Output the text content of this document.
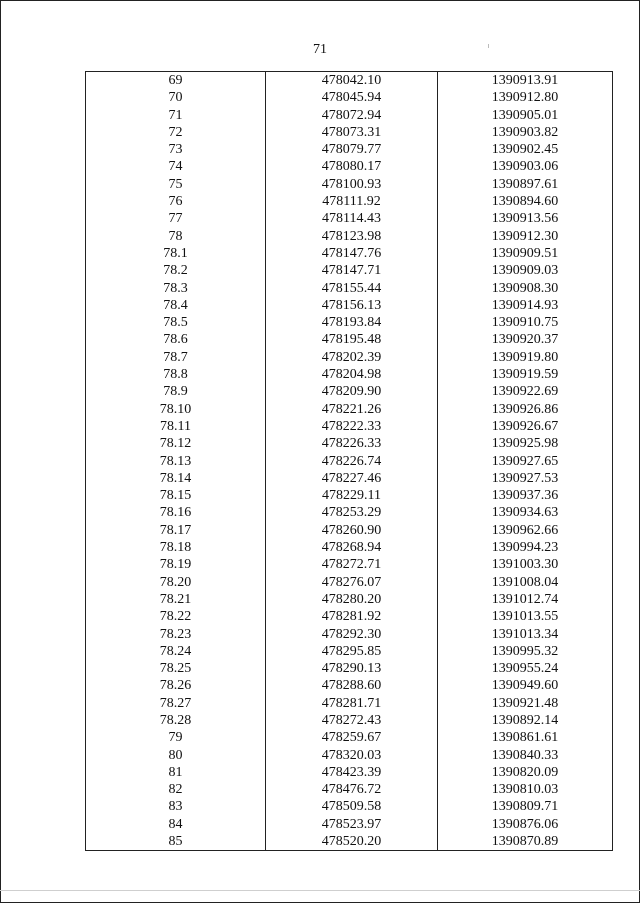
71
69	478042.10	1390913.91
70	478045.94	1390912.80
71	478072.94	1390905.01
72	478073.31	1390903.82
73	478079.77	1390902.45
74	478080.17	1390903.06
75	478100.93	1390897.61
76	478111.92	1390894.60
77	478114.43	1390913.56
78	478123.98	1390912.30
78.1	478147.76	1390909.51
78.2	478147.71	1390909.03
78.3	478155.44	1390908.30
78.4	478156.13	1390914.93
78.5	478193.84	1390910.75
78.6	478195.48	1390920.37
78.7	478202.39	1390919.80
78.8	478204.98	1390919.59
78.9	478209.90	1390922.69
78.10	478221.26	1390926.86
78.11	478222.33	1390926.67
78.12	478226.33	1390925.98
78.13	478226.74	1390927.65
78.14	478227.46	1390927.53
78.15	478229.11	1390937.36
78.16	478253.29	1390934.63
78.17	478260.90	1390962.66
78.18	478268.94	1390994.23
78.19	478272.71	1391003.30
78.20	478276.07	1391008.04
78.21	478280.20	1391012.74
78.22	478281.92	1391013.55
78.23	478292.30	1391013.34
78.24	478295.85	1390995.32
78.25	478290.13	1390955.24
78.26	478288.60	1390949.60
78.27	478281.71	1390921.48
78.28	478272.43	1390892.14
79	478259.67	1390861.61
80	478320.03	1390840.33
81	478423.39	1390820.09
82	478476.72	1390810.03
83	478509.58	1390809.71
84	478523.97	1390876.06
85	478520.20	1390870.89
